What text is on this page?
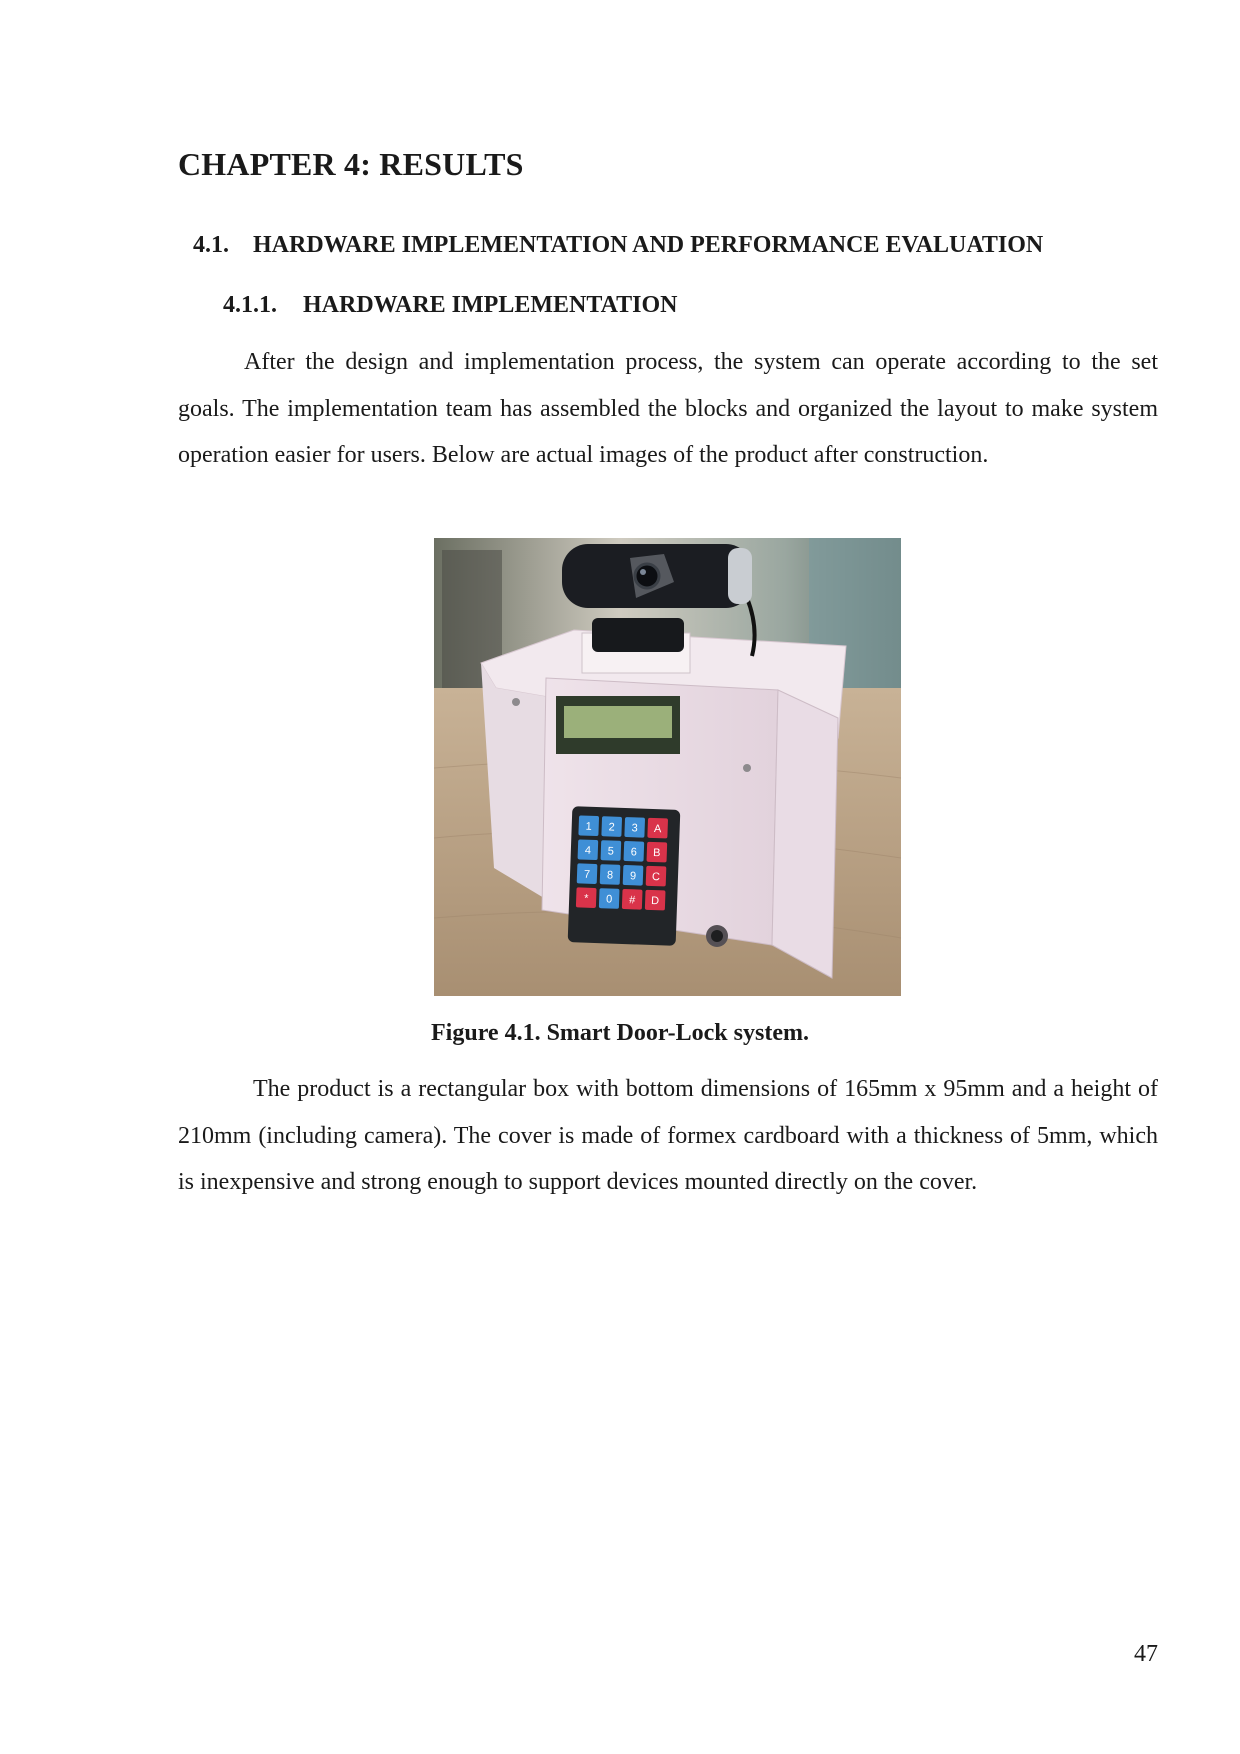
CHAPTER 4: RESULTS
4.1. HARDWARE IMPLEMENTATION AND PERFORMANCE EVALUATION
4.1.1. HARDWARE IMPLEMENTATION

After the design and implementation process, the system can operate according to the set goals. The implementation team has assembled the blocks and organized the layout to make system operation easier for users. Below are actual images of the product after construction.

1 2 3 A
4 5 6 B
7 8 9 C
* 0 # D

Figure 4.1. Smart Door-Lock system.

The product is a rectangular box with bottom dimensions of 165mm x 95mm and a height of 210mm (including camera). The cover is made of formex cardboard with a thickness of 5mm, which is inexpensive and strong enough to support devices mounted directly on the cover.

47
